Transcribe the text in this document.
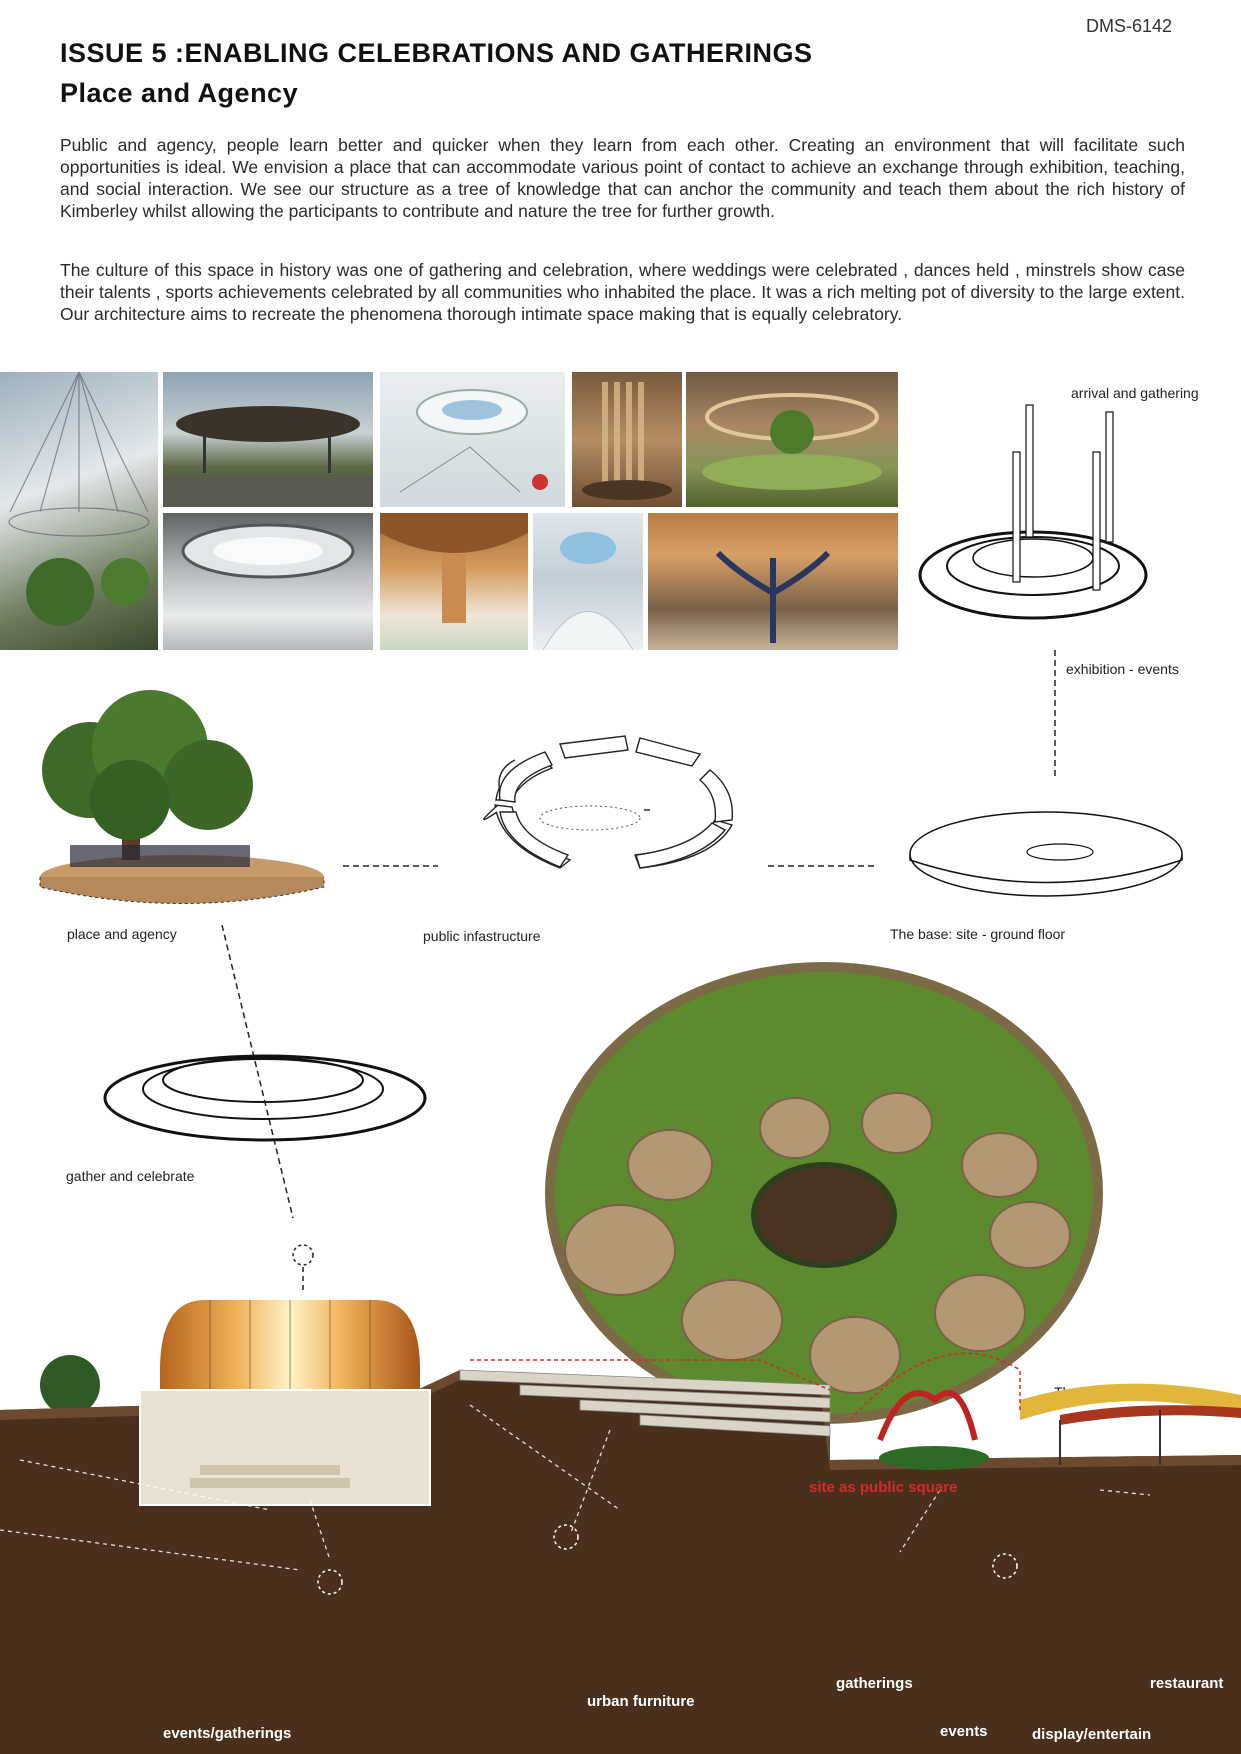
DMS-6142
ISSUE 5 :ENABLING CELEBRATIONS AND GATHERINGS
Place and Agency
Public and agency, people learn better and quicker when they learn from each other. Creating an environment that will facilitate such opportunities is ideal. We envision a place that can accommodate various point of contact to achieve an exchange through exhibition, teaching, and social interaction. We see our structure as a tree of knowledge that can anchor the community and teach them about the rich history of Kimberley whilst allowing the participants to contribute and nature the tree for further growth.
The culture of this space in history was one of gathering and celebration, where weddings were celebrated , dances held , minstrels show case their talents , sports achievements celebrated by all communities who inhabited the place. It was a rich melting pot of diversity to the large extent. Our architecture aims to recreate the phenomena thorough intimate space making that is equally celebratory.
arrival and gathering
exhibition - events
place and agency	public infastructure	The base: site - ground floor
gather and celebrate
site as public square
events/gatherings
urban furniture
gatherings	restaurant
events	display/entertain
